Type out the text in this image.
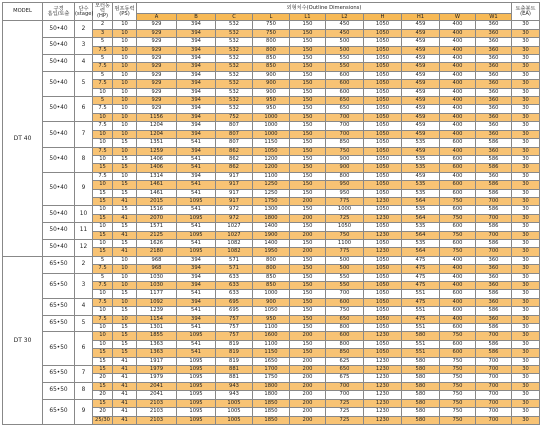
MODEL	구경
흡입/토출	단수
(stage)	모터동력
(HP)	펌프동력
(PS)	외형치수(Outline Dimensions)										토출볼트
(EA)
					A	B	C	L	L1	L2	H	H1	W	W1	
DT 40	50•40	2	2	10	929	394	532	750	150	450	1050	459	400	360	30
			3	10	929	394	532	750	150	450	1050	459	400	360	30
	50•40	3	5	10	929	394	532	800	150	500	1050	459	400	360	30
			7.5	10	929	394	532	800	150	500	1050	459	400	360	30
	50•40	4	5	10	929	394	532	850	150	550	1050	459	400	360	30
			7.5	10	929	394	532	850	150	550	1050	459	400	360	30
	50•40	5	5	10	929	394	532	900	150	600	1050	459	400	360	30
			7.5	10	929	394	532	900	150	600	1050	459	400	360	30
			10	10	929	394	532	900	150	600	1050	459	400	360	30
	50•40	6	5	10	929	394	532	950	150	650	1050	459	400	360	30
			7.5	10	929	394	532	950	150	650	1050	459	400	360	30
			10	10	1156	394	752	1000	150	700	1050	459	400	360	30
	50•40	7	7.5	10	1204	394	807	1000	150	700	1050	459	400	360	30
			10	10	1204	394	807	1000	150	700	1050	459	400	360	30
			10	15	1351	541	807	1150	150	850	1050	535	600	586	30
	50•40	8	7.5	10	1259	394	862	1050	150	750	1050	459	400	360	30
			10	15	1406	541	862	1200	150	900	1050	535	600	586	30
			15	15	1406	541	862	1200	150	900	1050	535	600	586	30
	50•40	9	7.5	10	1314	394	917	1100	150	800	1050	459	400	360	30
			10	15	1461	541	917	1250	150	950	1050	535	600	586	30
			15	15	1461	541	917	1250	150	950	1050	535	600	586	30
			15	41	2015	1095	917	1750	200	775	1230	564	750	700	30
	50•40	10	10	15	1516	541	972	1300	150	1000	1050	535	600	586	30
			15	41	2070	1095	972	1800	200	725	1230	564	750	700	30
	50•40	11	10	15	1571	541	1027	1400	150	1050	1050	535	600	586	30
			15	41	2125	1095	1027	1900	200	750	1230	564	750	700	30
	50•40	12	10	15	1626	541	1082	1400	150	1100	1050	535	600	586	30
			15	41	2180	1095	1082	1950	200	775	1230	564	750	700	30
DT 30	65•50	2	5	10	968	394	571	800	150	500	1050	475	400	360	30
			7.5	10	968	394	571	800	150	500	1050	475	400	360	30
	65•50	3	5	10	1030	394	633	850	150	550	1050	475	400	360	30
			7.5	10	1030	394	633	850	150	550	1050	475	400	360	30
			10	15	1177	541	633	1000	150	700	1050	551	600	586	30
	65•50	4	7.5	10	1092	394	695	900	150	600	1050	475	400	360	30
			10	15	1239	541	695	1050	150	750	1050	551	600	586	30
	65•50	5	7.5	10	1154	394	757	950	150	650	1050	475	400	360	30
			10	15	1301	541	757	1100	150	800	1050	551	600	586	30
	65•50	6	10	15	1855	1095	757	1600	200	600	1230	580	750	700	30
			10	15	1363	541	819	1100	150	800	1050	551	600	586	30
			15	15	1363	541	819	1150	150	850	1050	551	600	586	30
			15	41	1917	1095	819	1650	200	625	1230	580	750	700	30
	65•50	7	15	41	1979	1095	881	1700	200	650	1230	580	750	700	30
			20	41	1979	1095	881	1750	200	675	1230	580	750	700	30
	65•50	8	15	41	2041	1095	943	1800	200	700	1230	580	750	700	30
			20	41	2041	1095	943	1800	200	700	1230	580	750	700	30
	65•50	9	15	41	2103	1095	1005	1850	200	725	1230	580	750	700	30
			20	41	2103	1095	1005	1850	200	725	1230	580	750	700	30
			25/30	41	2103	1095	1005	1850	200	725	1230	580	750	700	30
